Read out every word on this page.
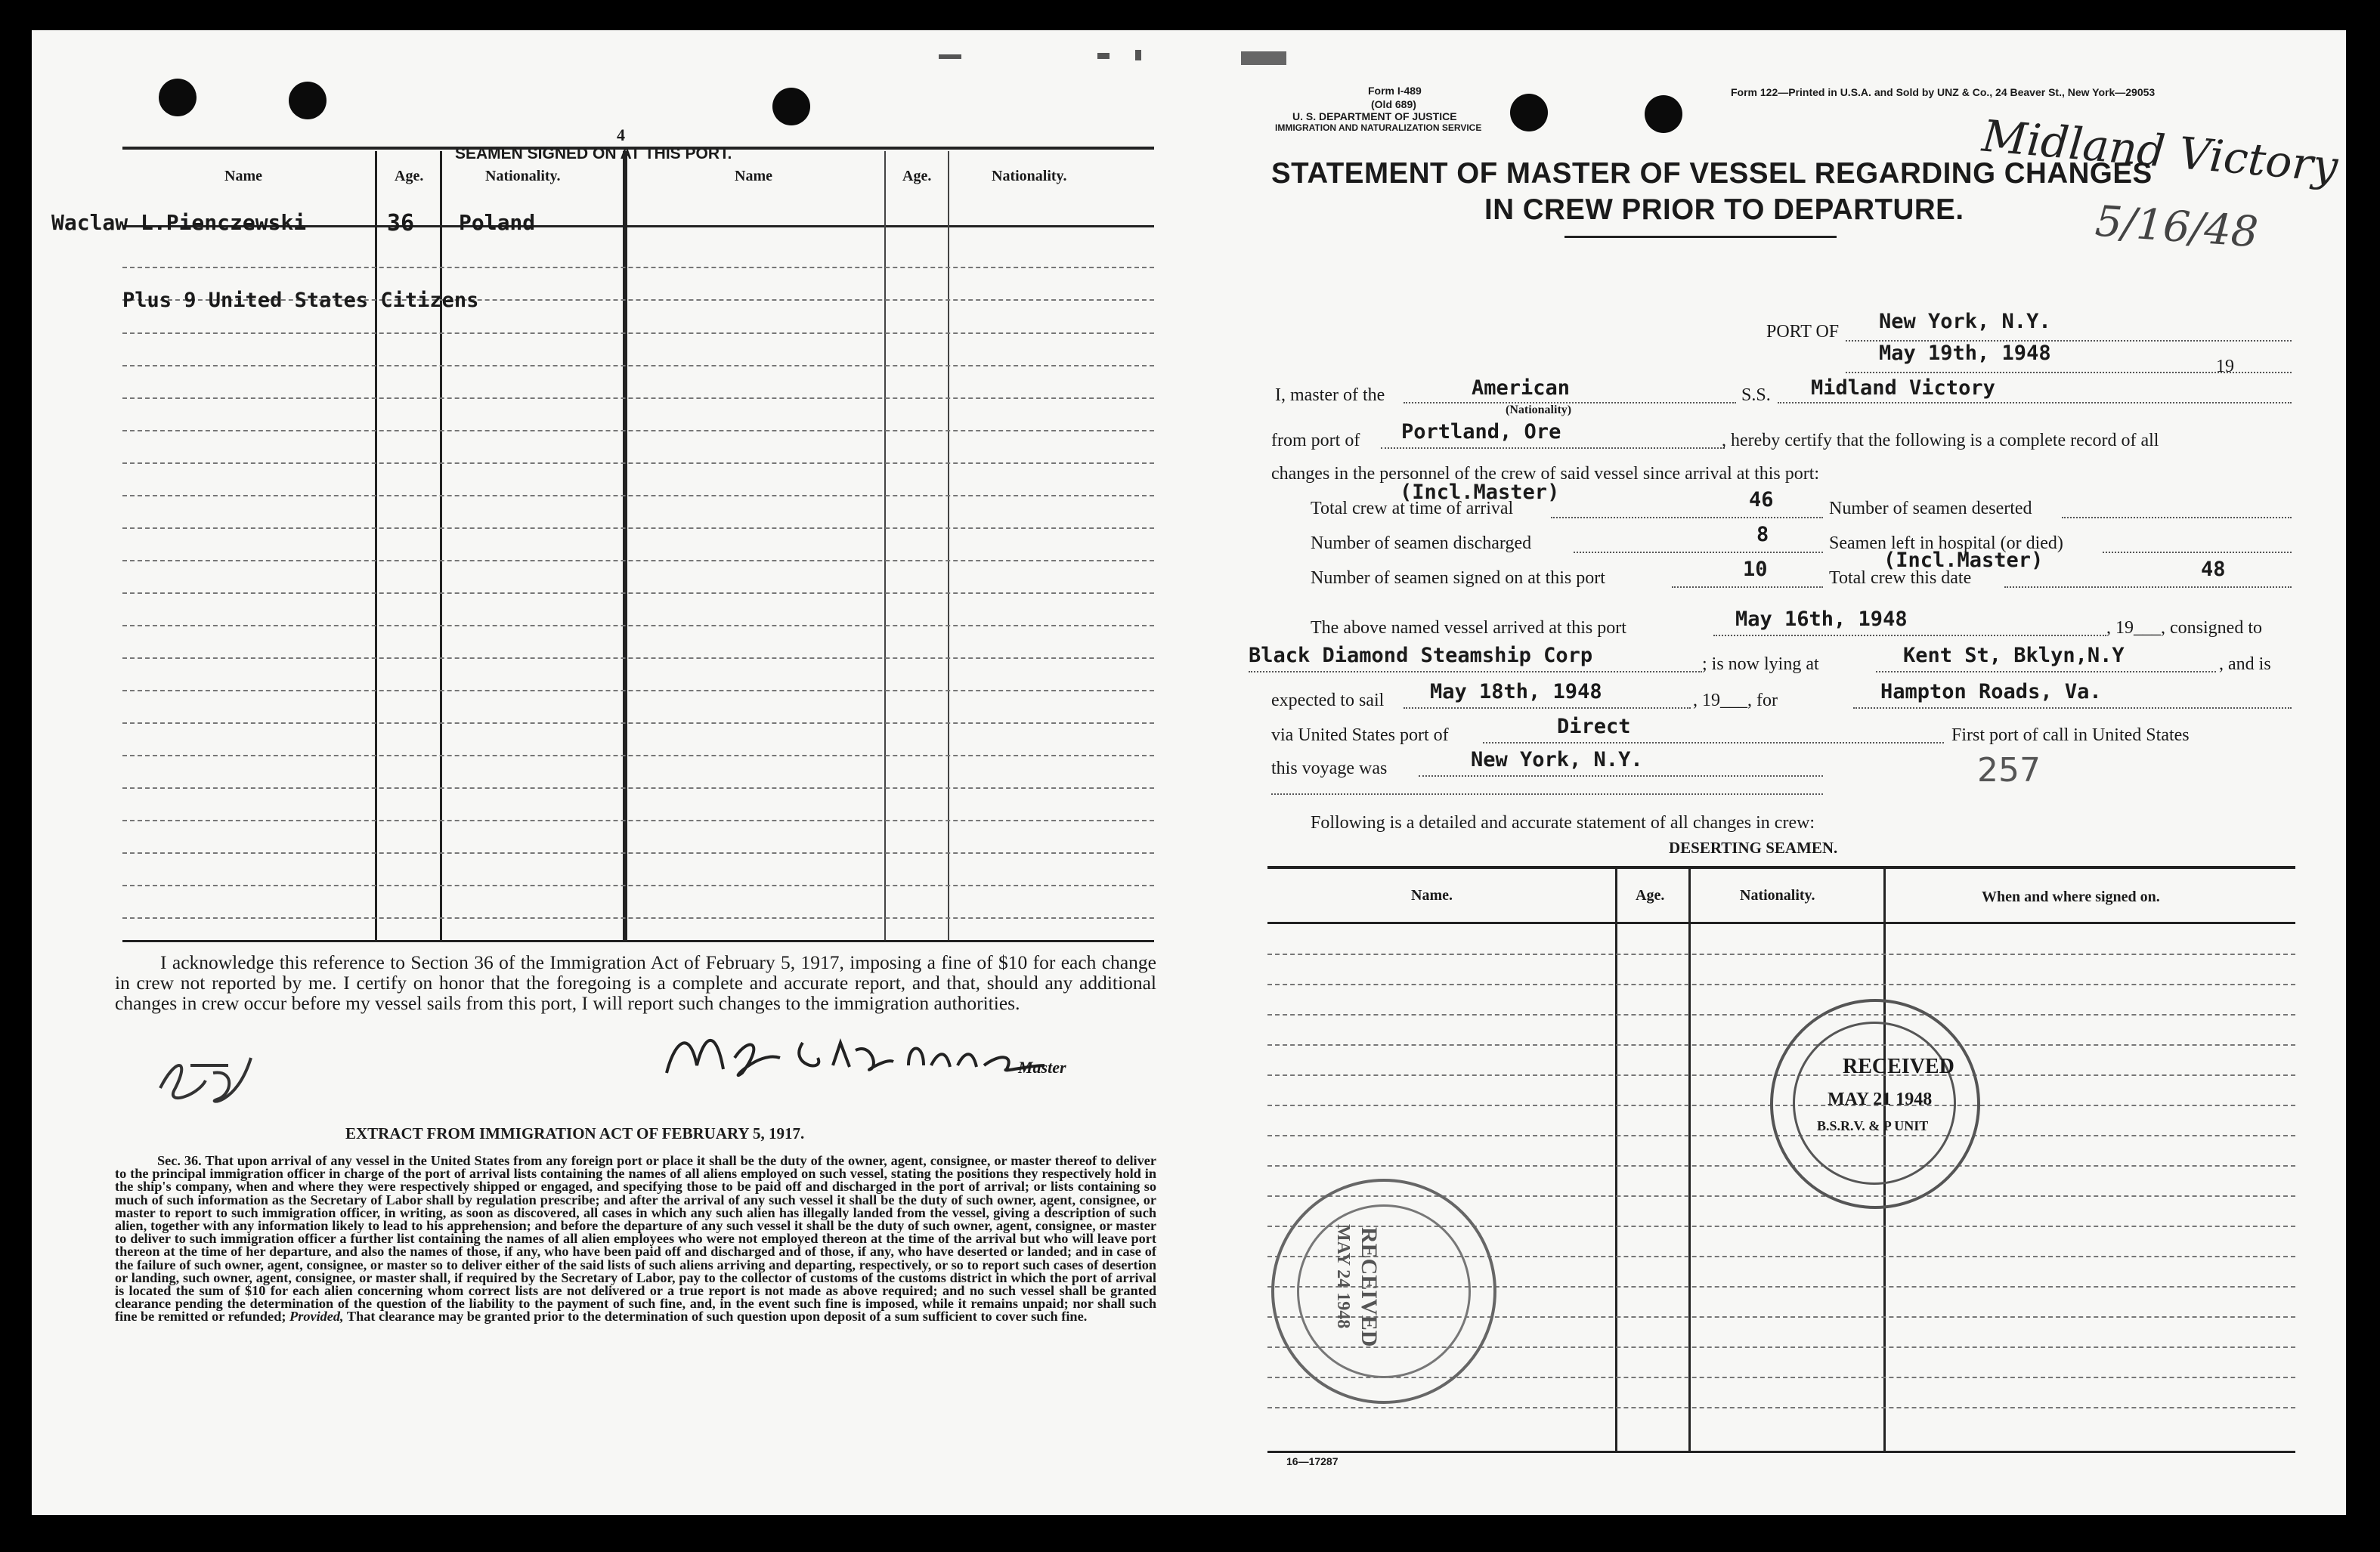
4
SEAMEN SIGNED ON AT THIS PORT.
Name	Age.	Nationality.	Name	Age.	Nationality.
Waclaw L.Pienczewski	36 Poland
Plus 9 United States Citizens
I acknowledge this reference to Section 36 of the Immigration Act of February 5, 1917, imposing a fine of $10 for each change in crew not reported by me. I certify on honor that the foregoing is a complete and accurate report, and that, should any additional changes in crew occur before my vessel sails from this port, I will report such changes to the immigration authorities.
Master
EXTRACT FROM IMMIGRATION ACT OF FEBRUARY 5, 1917.
Sec. 36. That upon arrival of any vessel in the United States from any foreign port or place it shall be the duty of the owner, agent, consignee, or master thereof to deliver to the principal immigration officer in charge of the port of arrival lists containing the names of all aliens employed on such vessel, stating the positions they respectively hold in the ship's company, when and where they were respectively shipped or engaged, and specifying those to be paid off and discharged in the port of arrival; or lists containing so much of such information as the Secretary of Labor shall by regulation prescribe; and after the arrival of any such vessel it shall be the duty of such owner, agent, consignee, or master to report to such immigration officer, in writing, as soon as discovered, all cases in which any such alien has illegally landed from the vessel, giving a description of such alien, together with any information likely to lead to his apprehension; and before the departure of any such vessel it shall be the duty of such owner, agent, consignee, or master to deliver to such immigration officer a further list containing the names of all alien employees who were not employed thereon at the time of the arrival but who will leave port thereon at the time of her departure, and also the names of those, if any, who have been paid off and discharged and of those, if any, who have deserted or landed; and in case of the failure of such owner, agent, consignee, or master so to deliver either of the said lists of such aliens arriving and departing, respectively, or so to report such cases of desertion or landing, such owner, agent, consignee, or master shall, if required by the Secretary of Labor, pay to the collector of customs of the customs district in which the port of arrival is located the sum of $10 for each alien concerning whom correct lists are not delivered or a true report is not made as above required; and no such vessel shall be granted clearance pending the determination of the question of the liability to the payment of such fine, and, in the event such fine is imposed, while it remains unpaid; nor shall such fine be remitted or refunded; Provided, That clearance may be granted prior to the determination of such question upon deposit of a sum sufficient to cover such fine.
Form I-489
(Old 689)
U. S. DEPARTMENT OF JUSTICE
IMMIGRATION AND NATURALIZATION SERVICE
Form 122—Printed in U.S.A. and Sold by UNZ & Co., 24 Beaver St., New York—29053
Midland Victory
5/16/48
STATEMENT OF MASTER OF VESSEL REGARDING CHANGES
IN CREW PRIOR TO DEPARTURE.
PORT OF New York, N.Y.
May 19th, 1948
19
I, master of the	American
(Nationality)
S.S. Midland Victory
from port of Portland, Ore	, hereby certify that the following is a complete record of all
changes in the personnel of the crew of said vessel since arrival at this port:
(Incl.Master)
Total crew at time of arrival	46	Number of seamen deserted
Number of seamen discharged	8	Seamen left in hospital (or died)
(Incl.Master)
Number of seamen signed on at this port	10	Total crew this date	48
The above named vessel arrived at this port	May 16th, 1948	, 19___, consigned to
Black Diamond Steamship Corp	; is now lying at	Kent St, Bklyn,N.Y	, and is
expected to sail May 18th, 1948	, 19___, for	Hampton Roads, Va.
via United States port of	Direct	First port of call in United States
this voyage was	New York, N.Y.	257
Following is a detailed and accurate statement of all changes in crew:
DESERTING SEAMEN.
Name.	Age.	Nationality.	When and where signed on.
RECEIVED
MAY 21 1948
B.S.R.V. & P UNIT
RECEIVED
MAY 24 1948
16—17287
